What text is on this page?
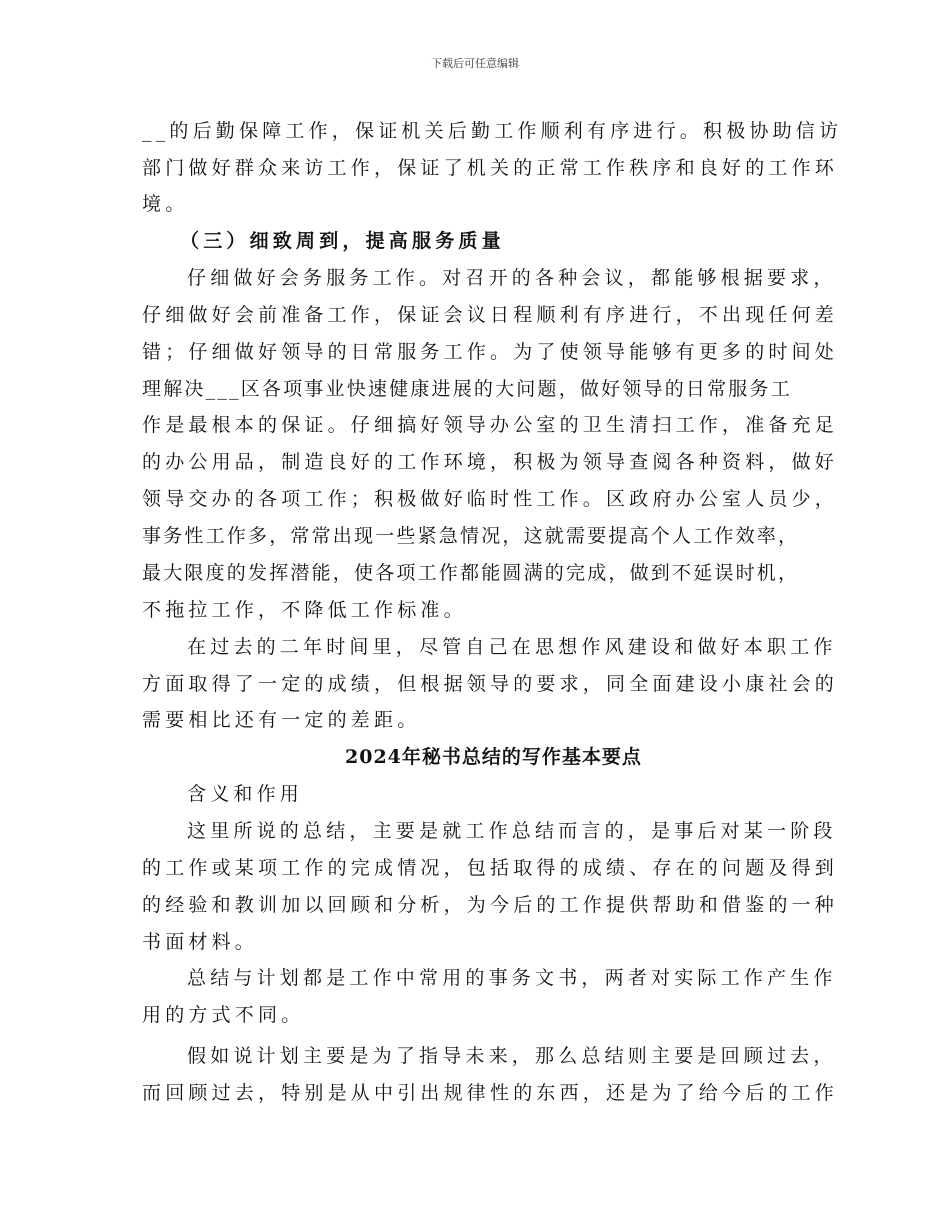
下载后可任意编辑
__的后勤保障工作，保证机关后勤工作顺利有序进行。积极协助信访
部门做好群众来访工作，保证了机关的正常工作秩序和良好的工作环
境。
（三）细致周到，提高服务质量
仔细做好会务服务工作。对召开的各种会议，都能够根据要求，
仔细做好会前准备工作，保证会议日程顺利有序进行，不出现任何差
错；仔细做好领导的日常服务工作。为了使领导能够有更多的时间处
理解决___区各项事业快速健康进展的大问题，做好领导的日常服务工
作是最根本的保证。仔细搞好领导办公室的卫生清扫工作，准备充足
的办公用品，制造良好的工作环境，积极为领导查阅各种资料，做好
领导交办的各项工作；积极做好临时性工作。区政府办公室人员少，
事务性工作多，常常出现一些紧急情况，这就需要提高个人工作效率，
最大限度的发挥潜能，使各项工作都能圆满的完成，做到不延误时机，
不拖拉工作，不降低工作标准。
在过去的二年时间里，尽管自己在思想作风建设和做好本职工作
方面取得了一定的成绩，但根据领导的要求，同全面建设小康社会的
需要相比还有一定的差距。
2024年秘书总结的写作基本要点
含义和作用
这里所说的总结，主要是就工作总结而言的，是事后对某一阶段
的工作或某项工作的完成情况，包括取得的成绩、存在的问题及得到
的经验和教训加以回顾和分析，为今后的工作提供帮助和借鉴的一种
书面材料。
总结与计划都是工作中常用的事务文书，两者对实际工作产生作
用的方式不同。
假如说计划主要是为了指导未来，那么总结则主要是回顾过去，
而回顾过去，特别是从中引出规律性的东西，还是为了给今后的工作
